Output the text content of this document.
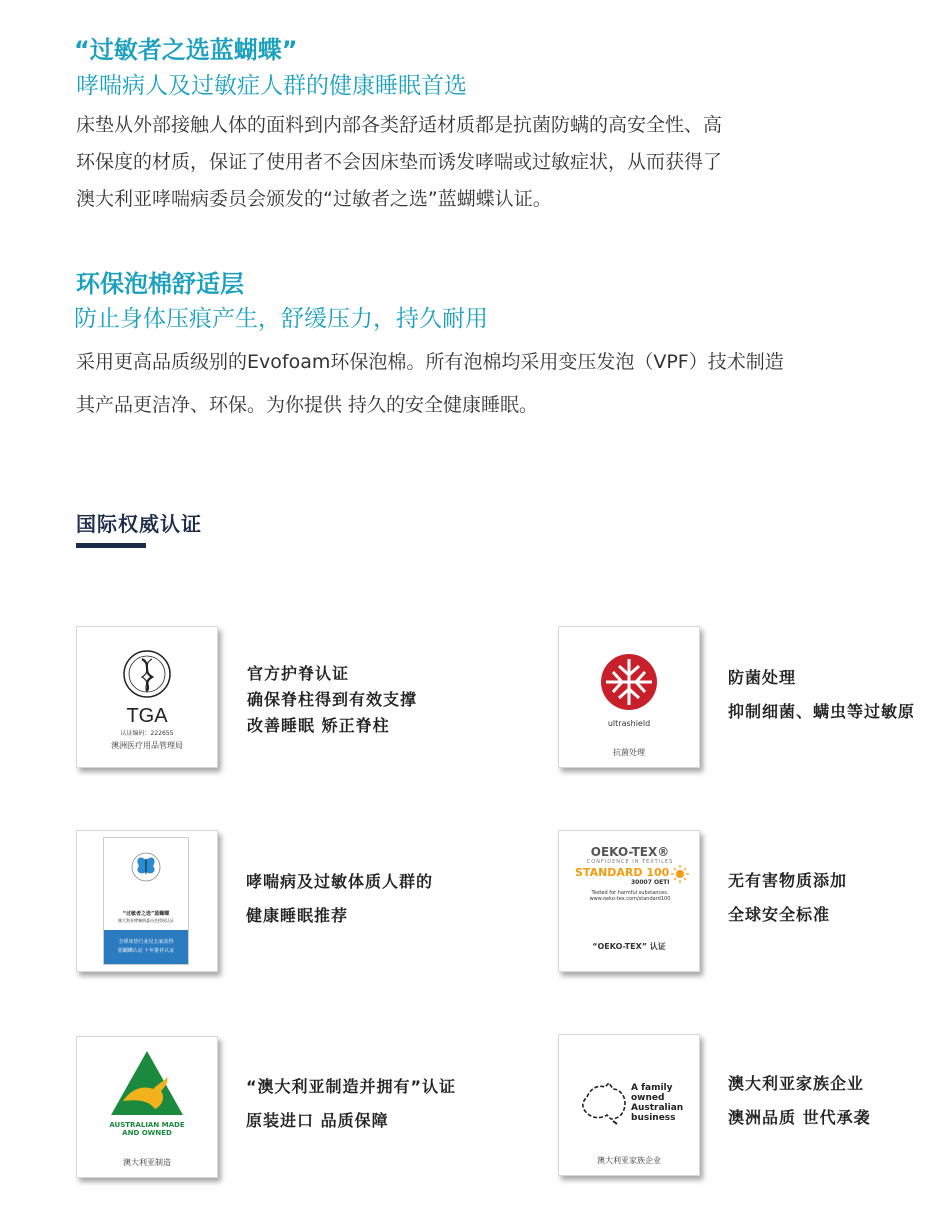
“过敏者之选蓝蝴蝶”
哮喘病人及过敏症人群的健康睡眠首选

床垫从外部接触人体的面料到内部各类舒适材质都是抗菌防螨的高安全性、高

环保度的材质，保证了使用者不会因床垫而诱发哮喘或过敏症状，从而获得了

澳大利亚哮喘病委员会颁发的“过敏者之选”蓝蝴蝶认证。

环保泡棉舒适层
防止身体压痕产生，舒缓压力，持久耐用

采用更高品质级别的Evofoam环保泡棉。所有泡棉均采用变压发泡（VPF）技术制造

其产品更洁净、环保。为你提供 持久的安全健康睡眠。

国际权威认证
TGA
认证编码：222655
澳洲医疗用品管理局

官方护脊认证

确保脊柱得到有效支撑

改善睡眠 矫正脊柱	ultrashield
抗菌处理

防菌处理

抑制细菌、螨虫等过敏原

“过敏者之选”蓝蝴蝶
澳大利亚哮喘病委员会授权认证
全球床垫行业仅五家获得
蓝蝴蝶认证 十年推荐认证

哮喘病及过敏体质人群的

健康睡眠推荐

OEKO-TEX®
CONFIDENCE IN TEXTILES
STANDARD 100
30007 OETI
Tested for harmful substances.
www.oeko-tex.com/standard100
“OEKO-TEX” 认证

无有害物质添加

全球安全标准

AUSTRALIAN MADE
AND OWNED
澳大利亚制造

“澳大利亚制造并拥有”认证

原装进口 品质保障

A family
owned
Australian
business
澳大利亚家族企业

澳大利亚家族企业

澳洲品质 世代承袭
